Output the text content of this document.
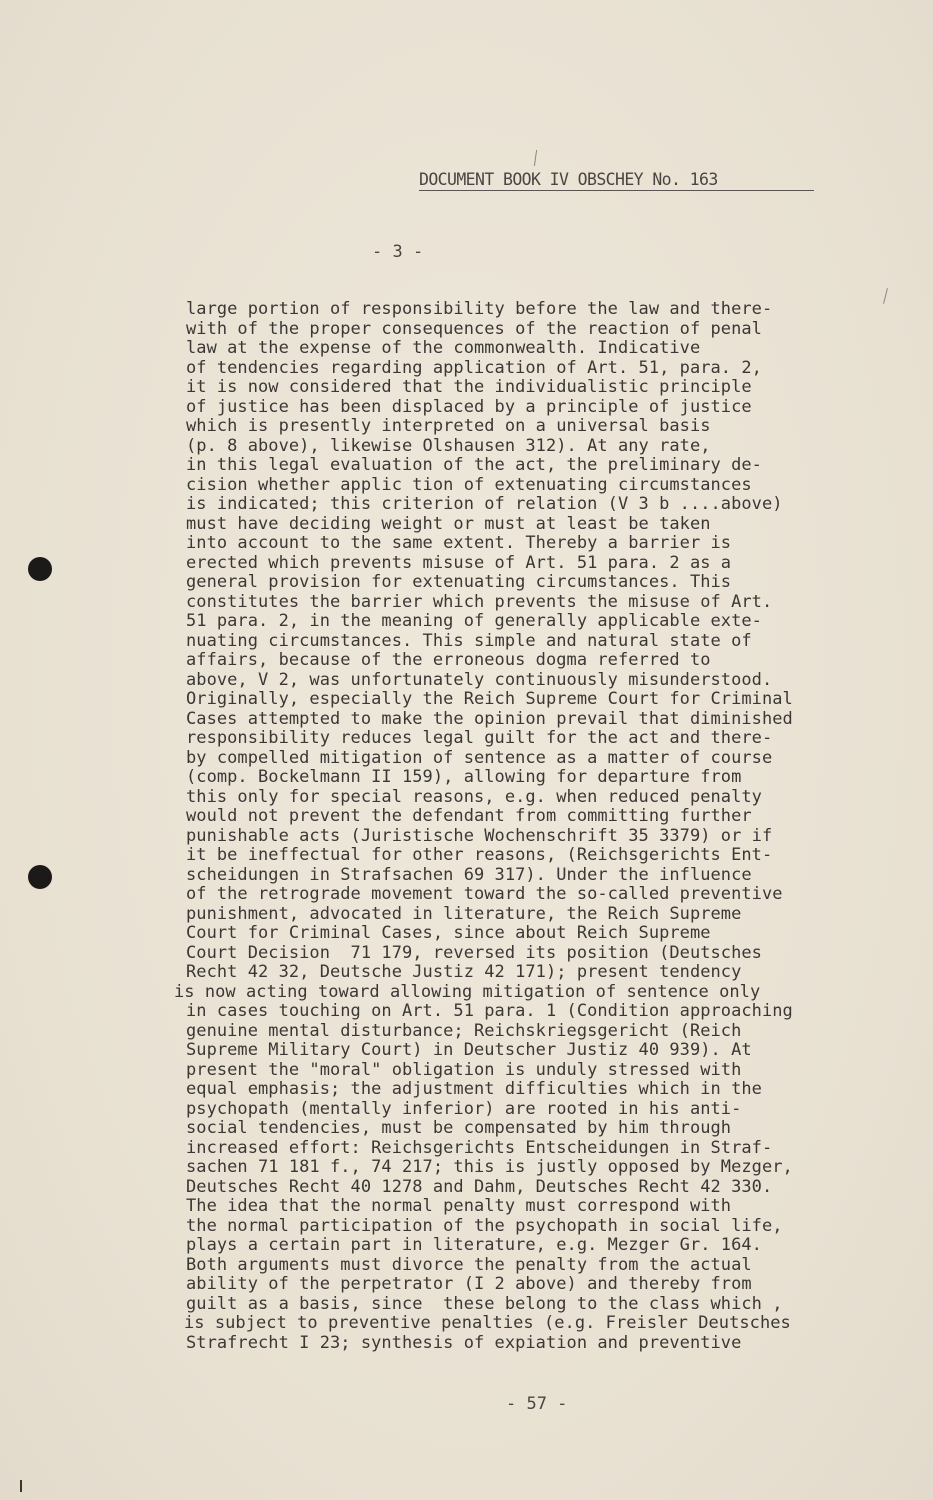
DOCUMENT BOOK IV OBSCHEY No. 163
- 3 -
large portion of responsibility before the law and there-
with of the proper consequences of the reaction of penal
law at the expense of the commonwealth. Indicative
of tendencies regarding application of Art. 51, para. 2,
it is now considered that the individualistic principle
of justice has been displaced by a principle of justice
which is presently interpreted on a universal basis
(p. 8 above), likewise Olshausen 312). At any rate,
in this legal evaluation of the act, the preliminary de-
cision whether applic tion of extenuating circumstances
is indicated; this criterion of relation (V 3 b ....above)
must have deciding weight or must at least be taken
into account to the same extent. Thereby a barrier is
erected which prevents misuse of Art. 51 para. 2 as a
general provision for extenuating circumstances. This
constitutes the barrier which prevents the misuse of Art.
51 para. 2, in the meaning of generally applicable exte-
nuating circumstances. This simple and natural state of
affairs, because of the erroneous dogma referred to
above, V 2, was unfortunately continuously misunderstood.
Originally, especially the Reich Supreme Court for Criminal
Cases attempted to make the opinion prevail that diminished
responsibility reduces legal guilt for the act and there-
by compelled mitigation of sentence as a matter of course
(comp. Bockelmann II 159), allowing for departure from
this only for special reasons, e.g. when reduced penalty
would not prevent the defendant from committing further
punishable acts (Juristische Wochenschrift 35 3379) or if
it be ineffectual for other reasons, (Reichsgerichts Ent-
scheidungen in Strafsachen 69 317). Under the influence
of the retrograde movement toward the so-called preventive
punishment, advocated in literature, the Reich Supreme
Court for Criminal Cases, since about Reich Supreme
Court Decision  71 179, reversed its position (Deutsches
Recht 42 32, Deutsche Justiz 42 171); present tendency
is now acting toward allowing mitigation of sentence only
in cases touching on Art. 51 para. 1 (Condition approaching
genuine mental disturbance; Reichskriegsgericht (Reich
Supreme Military Court) in Deutscher Justiz 40 939). At
present the "moral" obligation is unduly stressed with
equal emphasis; the adjustment difficulties which in the
psychopath (mentally inferior) are rooted in his anti-
social tendencies, must be compensated by him through
increased effort: Reichsgerichts Entscheidungen in Straf-
sachen 71 181 f., 74 217; this is justly opposed by Mezger,
Deutsches Recht 40 1278 and Dahm, Deutsches Recht 42 330.
The idea that the normal penalty must correspond with
the normal participation of the psychopath in social life,
plays a certain part in literature, e.g. Mezger Gr. 164.
Both arguments must divorce the penalty from the actual
ability of the perpetrator (I 2 above) and thereby from
guilt as a basis, since  these belong to the class which ,
is subject to preventive penalties (e.g. Freisler Deutsches
Strafrecht I 23; synthesis of expiation and preventive
- 57 -
